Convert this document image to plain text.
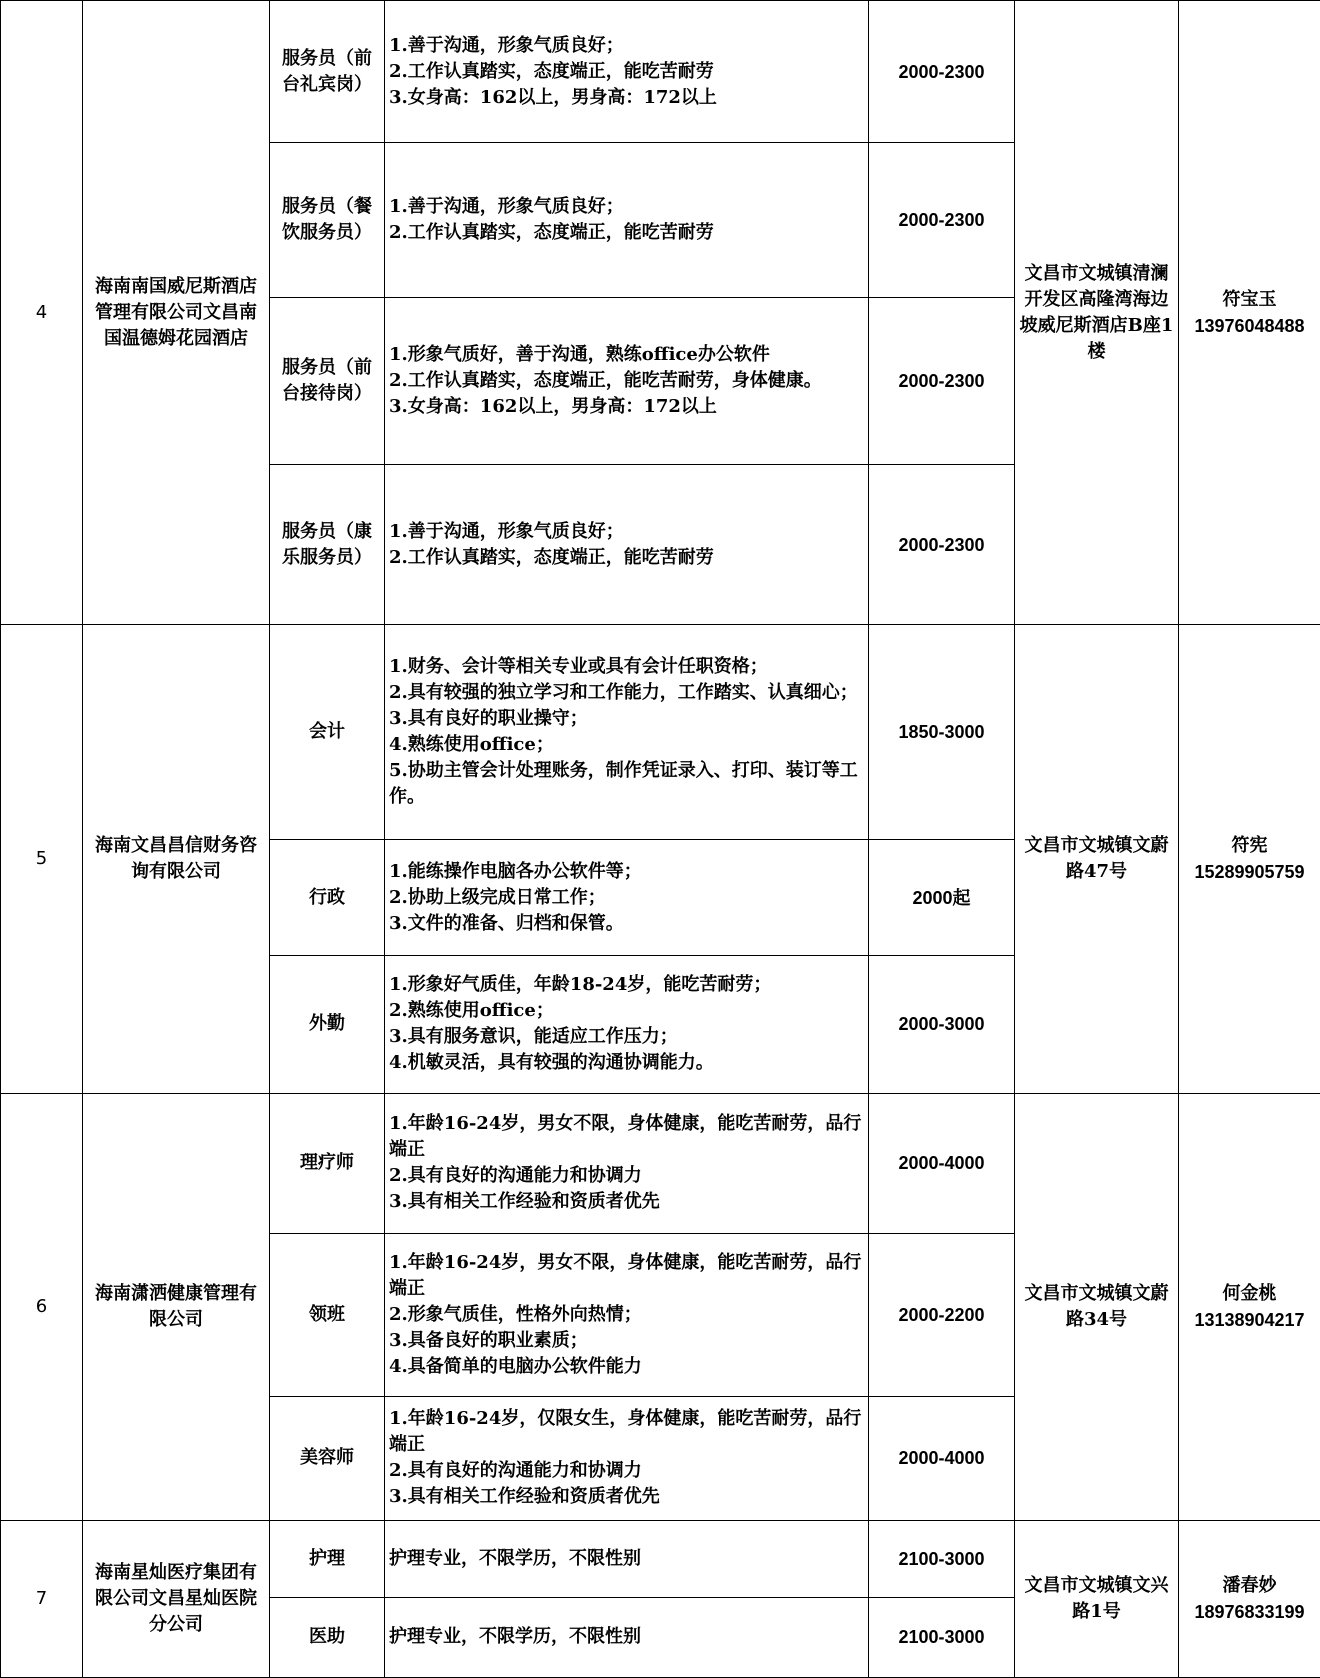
4	海南南国威尼斯酒店管理有限公司文昌南国温德姆花园酒店	服务员（前台礼宾岗）	1.善于沟通，形象气质良好；
2.工作认真踏实，态度端正，能吃苦耐劳
3.女身高：162以上，男身高：172以上	2000-2300	文昌市文城镇清澜开发区高隆湾海边坡威尼斯酒店B座1楼	符宝玉
13976048488

		服务员（餐饮服务员）	1.善于沟通，形象气质良好；
2.工作认真踏实，态度端正，能吃苦耐劳	2000-2300		
		服务员（前台接待岗）	1.形象气质好，善于沟通，熟练office办公软件
2.工作认真踏实，态度端正，能吃苦耐劳，身体健康。
3.女身高：162以上，男身高：172以上	2000-2300		
		服务员（康乐服务员）	1.善于沟通，形象气质良好；
2.工作认真踏实，态度端正，能吃苦耐劳	2000-2300		
5	海南文昌昌信财务咨询有限公司	会计	1.财务、会计等相关专业或具有会计任职资格；
2.具有较强的独立学习和工作能力，工作踏实、认真细心；
3.具有良好的职业操守；
4.熟练使用office；
5.协助主管会计处理账务，制作凭证录入、打印、装订等工作。	1850-3000	文昌市文城镇文蔚路47号	符宪
15289905759

		行政	1.能练操作电脑各办公软件等；
2.协助上级完成日常工作；
3.文件的准备、归档和保管。	2000起		
		外勤	1.形象好气质佳，年龄18-24岁，能吃苦耐劳；
2.熟练使用office；
3.具有服务意识，能适应工作压力；
4.机敏灵活，具有较强的沟通协调能力。	2000-3000		
6	海南潇洒健康管理有限公司	理疗师	1.年龄16-24岁，男女不限，身体健康，能吃苦耐劳，品行端正
2.具有良好的沟通能力和协调力
3.具有相关工作经验和资质者优先	2000-4000	文昌市文城镇文蔚路34号	何金桃
13138904217

		领班	1.年龄16-24岁，男女不限，身体健康，能吃苦耐劳，品行端正
2.形象气质佳，性格外向热情；
3.具备良好的职业素质；
4.具备简单的电脑办公软件能力	2000-2200		
		美容师	1.年龄16-24岁，仅限女生，身体健康，能吃苦耐劳，品行端正
2.具有良好的沟通能力和协调力
3.具有相关工作经验和资质者优先	2000-4000		
7	海南星灿医疗集团有限公司文昌星灿医院分公司	护理	护理专业，不限学历，不限性别	2100-3000	文昌市文城镇文兴路1号	潘春妙
18976833199

		医助	护理专业，不限学历，不限性别	2100-3000		
